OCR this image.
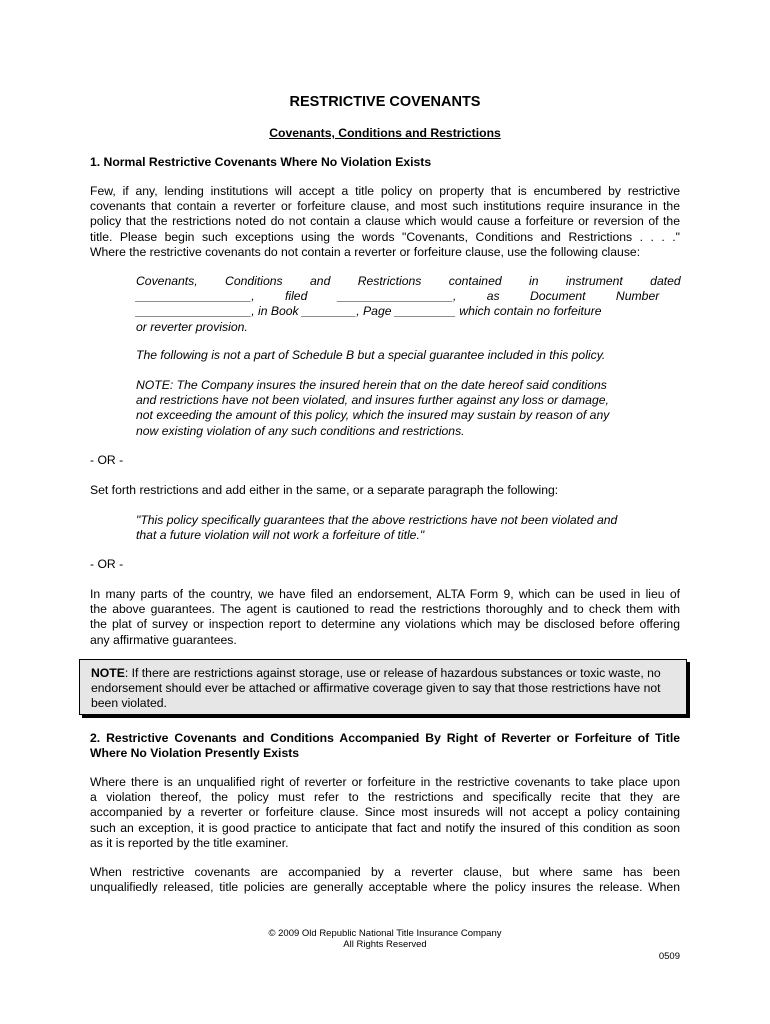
RESTRICTIVE COVENANTS
Covenants, Conditions and Restrictions
1. Normal Restrictive Covenants Where No Violation Exists
Few, if any, lending institutions will accept a title policy on property that is encumbered by restrictive
covenants that contain a reverter or forfeiture clause, and most such institutions require insurance in the
policy that the restrictions noted do not contain a clause which would cause a forfeiture or reversion of the
title. Please begin such exceptions using the words "Covenants, Conditions and Restrictions . . . ."
Where the restrictive covenants do not contain a reverter or forfeiture clause, use the following clause:
Covenants, Conditions and Restrictions contained in instrument dated
_________________, filed _________________, as Document Number
_________________, in Book ________, Page _________ which contain no forfeiture
or reverter provision.
The following is not a part of Schedule B but a special guarantee included in this policy.
NOTE: The Company insures the insured herein that on the date hereof said conditions
and restrictions have not been violated, and insures further against any loss or damage,
not exceeding the amount of this policy, which the insured may sustain by reason of any
now existing violation of any such conditions and restrictions.
- OR -
Set forth restrictions and add either in the same, or a separate paragraph the following:
"This policy specifically guarantees that the above restrictions have not been violated and
that a future violation will not work a forfeiture of title."
- OR -
In many parts of the country, we have filed an endorsement, ALTA Form 9, which can be used in lieu of
the above guarantees. The agent is cautioned to read the restrictions thoroughly and to check them with
the plat of survey or inspection report to determine any violations which may be disclosed before offering
any affirmative guarantees.
NOTE: If there are restrictions against storage, use or release of hazardous substances or toxic waste, no
endorsement should ever be attached or affirmative coverage given to say that those restrictions have not
been violated.
2. Restrictive Covenants and Conditions Accompanied By Right of Reverter or Forfeiture of Title
Where No Violation Presently Exists
Where there is an unqualified right of reverter or forfeiture in the restrictive covenants to take place upon
a violation thereof, the policy must refer to the restrictions and specifically recite that they are
accompanied by a reverter or forfeiture clause. Since most insureds will not accept a policy containing
such an exception, it is good practice to anticipate that fact and notify the insured of this condition as soon
as it is reported by the title examiner.
When restrictive covenants are accompanied by a reverter clause, but where same has been
unqualifiedly released, title policies are generally acceptable where the policy insures the release. When
© 2009 Old Republic National Title Insurance Company
All Rights Reserved
0509
